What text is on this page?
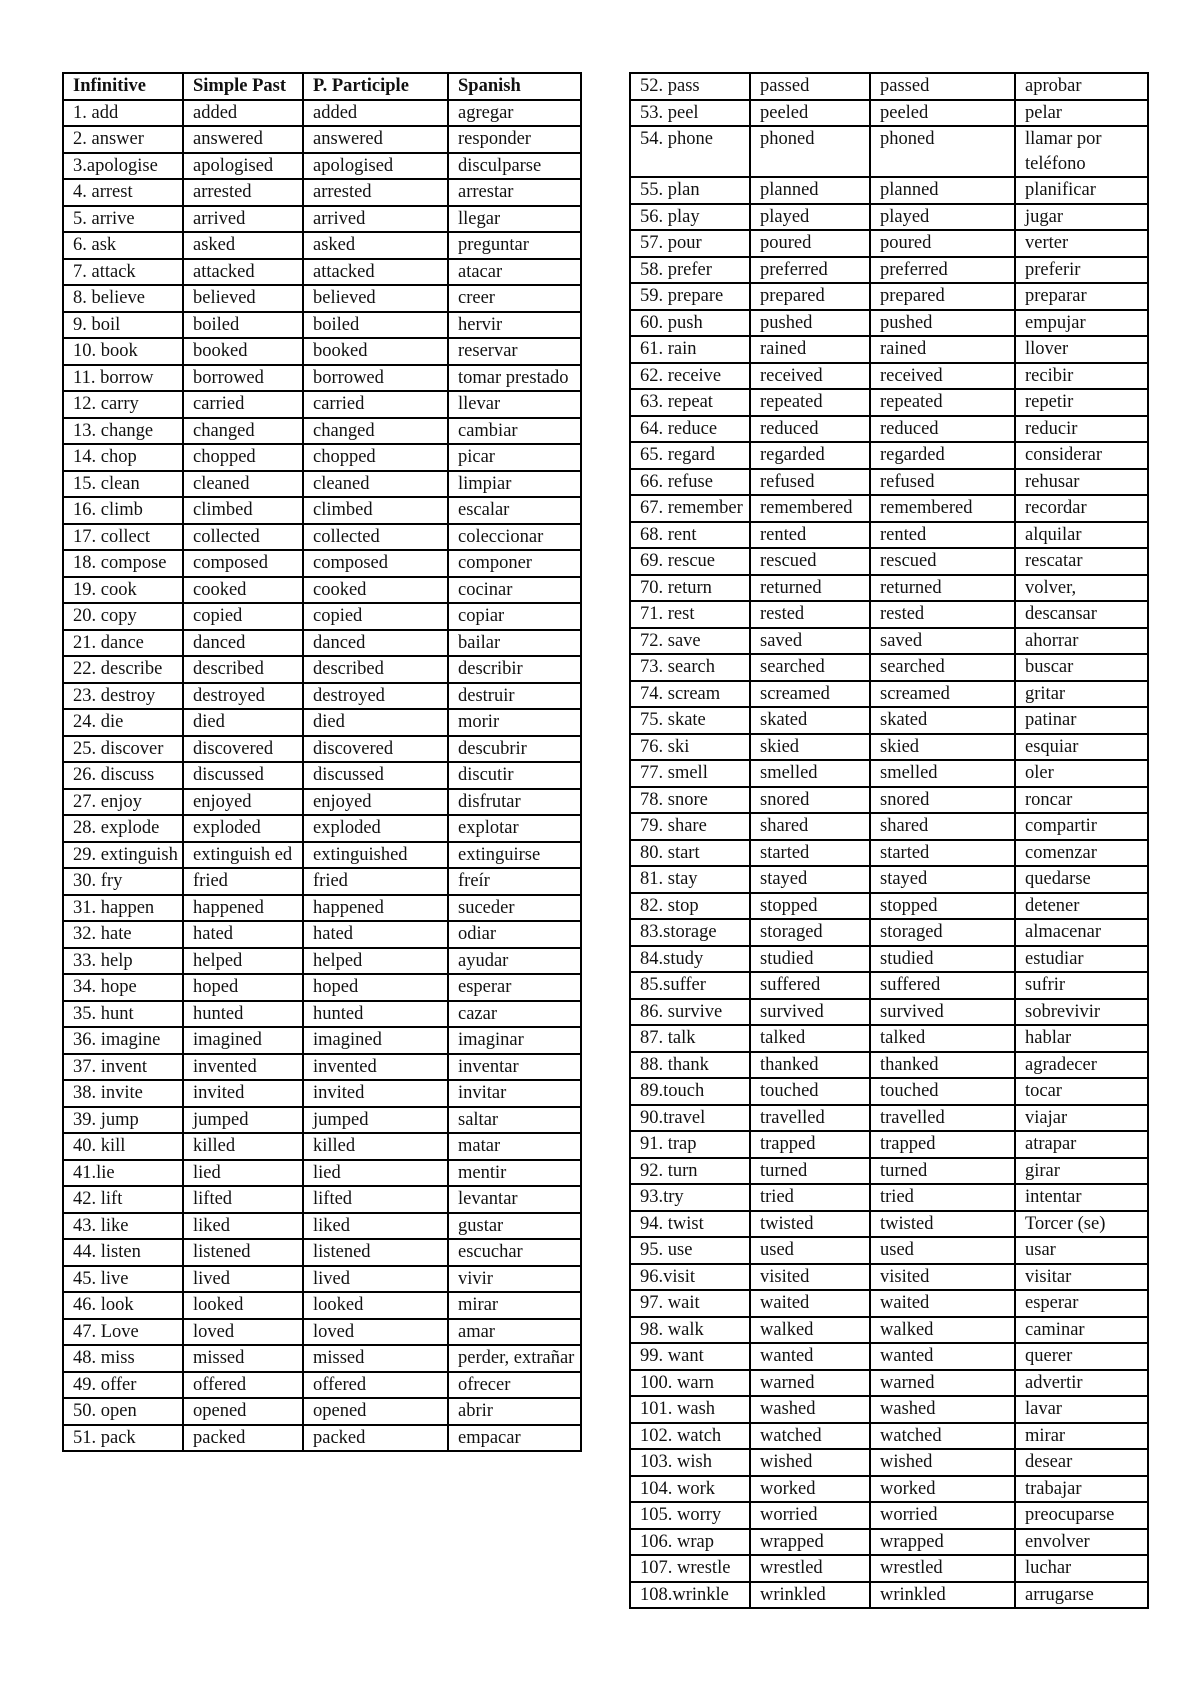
Infinitive	Simple Past	P. Participle	Spanish
1. add	added	added	agregar
2. answer	answered	answered	responder
3.apologise	apologised	apologised	disculparse
4. arrest	arrested	arrested	arrestar
5. arrive	arrived	arrived	llegar
6. ask	asked	asked	preguntar
7. attack	attacked	attacked	atacar
8. believe	believed	believed	creer
9. boil	boiled	boiled	hervir
10. book	booked	booked	reservar
11. borrow	borrowed	borrowed	tomar prestado
12. carry	carried	carried	llevar
13. change	changed	changed	cambiar
14. chop	chopped	chopped	picar
15. clean	cleaned	cleaned	limpiar
16. climb	climbed	climbed	escalar
17. collect	collected	collected	coleccionar
18. compose	composed	composed	componer
19. cook	cooked	cooked	cocinar
20. copy	copied	copied	copiar
21. dance	danced	danced	bailar
22. describe	described	described	describir
23. destroy	destroyed	destroyed	destruir
24. die	died	died	morir
25. discover	discovered	discovered	descubrir
26. discuss	discussed	discussed	discutir
27. enjoy	enjoyed	enjoyed	disfrutar
28. explode	exploded	exploded	explotar
29. extinguish	extinguish ed	extinguished	extinguirse
30. fry	fried	fried	freír
31. happen	happened	happened	suceder
32. hate	hated	hated	odiar
33. help	helped	helped	ayudar
34. hope	hoped	hoped	esperar
35. hunt	hunted	hunted	cazar
36. imagine	imagined	imagined	imaginar
37. invent	invented	invented	inventar
38. invite	invited	invited	invitar
39. jump	jumped	jumped	saltar
40. kill	killed	killed	matar
41.lie	lied	lied	mentir
42. lift	lifted	lifted	levantar
43. like	liked	liked	gustar
44. listen	listened	listened	escuchar
45. live	lived	lived	vivir
46. look	looked	looked	mirar
47. Love	loved	loved	amar
48. miss	missed	missed	perder, extrañar
49. offer	offered	offered	ofrecer
50. open	opened	opened	abrir
51. pack	packed	packed	empacar
52. pass	passed	passed	aprobar
53. peel	peeled	peeled	pelar
54. phone	phoned	phoned	llamar por teléfono
55. plan	planned	planned	planificar
56. play	played	played	jugar
57. pour	poured	poured	verter
58. prefer	preferred	preferred	preferir
59. prepare	prepared	prepared	preparar
60. push	pushed	pushed	empujar
61. rain	rained	rained	llover
62. receive	received	received	recibir
63. repeat	repeated	repeated	repetir
64. reduce	reduced	reduced	reducir
65. regard	regarded	regarded	considerar
66. refuse	refused	refused	rehusar
67. remember	remembered	remembered	recordar
68. rent	rented	rented	alquilar
69. rescue	rescued	rescued	rescatar
70. return	returned	returned	volver,
71. rest	rested	rested	descansar
72. save	saved	saved	ahorrar
73. search	searched	searched	buscar
74. scream	screamed	screamed	gritar
75. skate	skated	skated	patinar
76. ski	skied	skied	esquiar
77. smell	smelled	smelled	oler
78. snore	snored	snored	roncar
79. share	shared	shared	compartir
80. start	started	started	comenzar
81. stay	stayed	stayed	quedarse
82. stop	stopped	stopped	detener
83.storage	storaged	storaged	almacenar
84.study	studied	studied	estudiar
85.suffer	suffered	suffered	sufrir
86. survive	survived	survived	sobrevivir
87. talk	talked	talked	hablar
88. thank	thanked	thanked	agradecer
89.touch	touched	touched	tocar
90.travel	travelled	travelled	viajar
91. trap	trapped	trapped	atrapar
92. turn	turned	turned	girar
93.try	tried	tried	intentar
94. twist	twisted	twisted	Torcer (se)
95. use	used	used	usar
96.visit	visited	visited	visitar
97. wait	waited	waited	esperar
98. walk	walked	walked	caminar
99. want	wanted	wanted	querer
100. warn	warned	warned	advertir
101. wash	washed	washed	lavar
102. watch	watched	watched	mirar
103. wish	wished	wished	desear
104. work	worked	worked	trabajar
105. worry	worried	worried	preocuparse
106. wrap	wrapped	wrapped	envolver
107. wrestle	wrestled	wrestled	luchar
108.wrinkle	wrinkled	wrinkled	arrugarse
